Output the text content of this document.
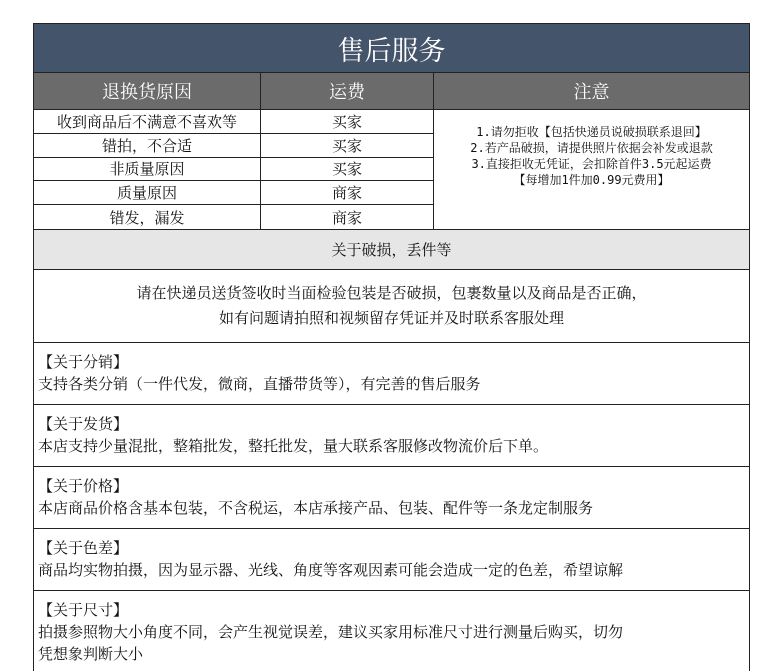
售后服务
退换货原因	运费	注意
收到商品后不满意不喜欢等	买家
错拍，不合适	买家
非质量原因	买家
质量原因	商家
错发，漏发	商家
1.请勿拒收【包括快递员说破损联系退回】
2.若产品破损，请提供照片依据会补发或退款
3.直接拒收无凭证，会扣除首件3.5元起运费
【每增加1件加0.99元费用】
关于破损，丢件等
请在快递员送货签收时当面检验包装是否破损，包裹数量以及商品是否正确，
如有问题请拍照和视频留存凭证并及时联系客服处理
【关于分销】
支持各类分销（一件代发，微商，直播带货等），有完善的售后服务
【关于发货】
本店支持少量混批，整箱批发，整托批发，量大联系客服修改物流价后下单。
【关于价格】
本店商品价格含基本包装，不含税运，本店承接产品、包装、配件等一条龙定制服务
【关于色差】
商品均实物拍摄，因为显示器、光线、角度等客观因素可能会造成一定的色差，希望谅解
【关于尺寸】
拍摄参照物大小角度不同，会产生视觉误差，建议买家用标准尺寸进行测量后购买，切勿
凭想象判断大小
